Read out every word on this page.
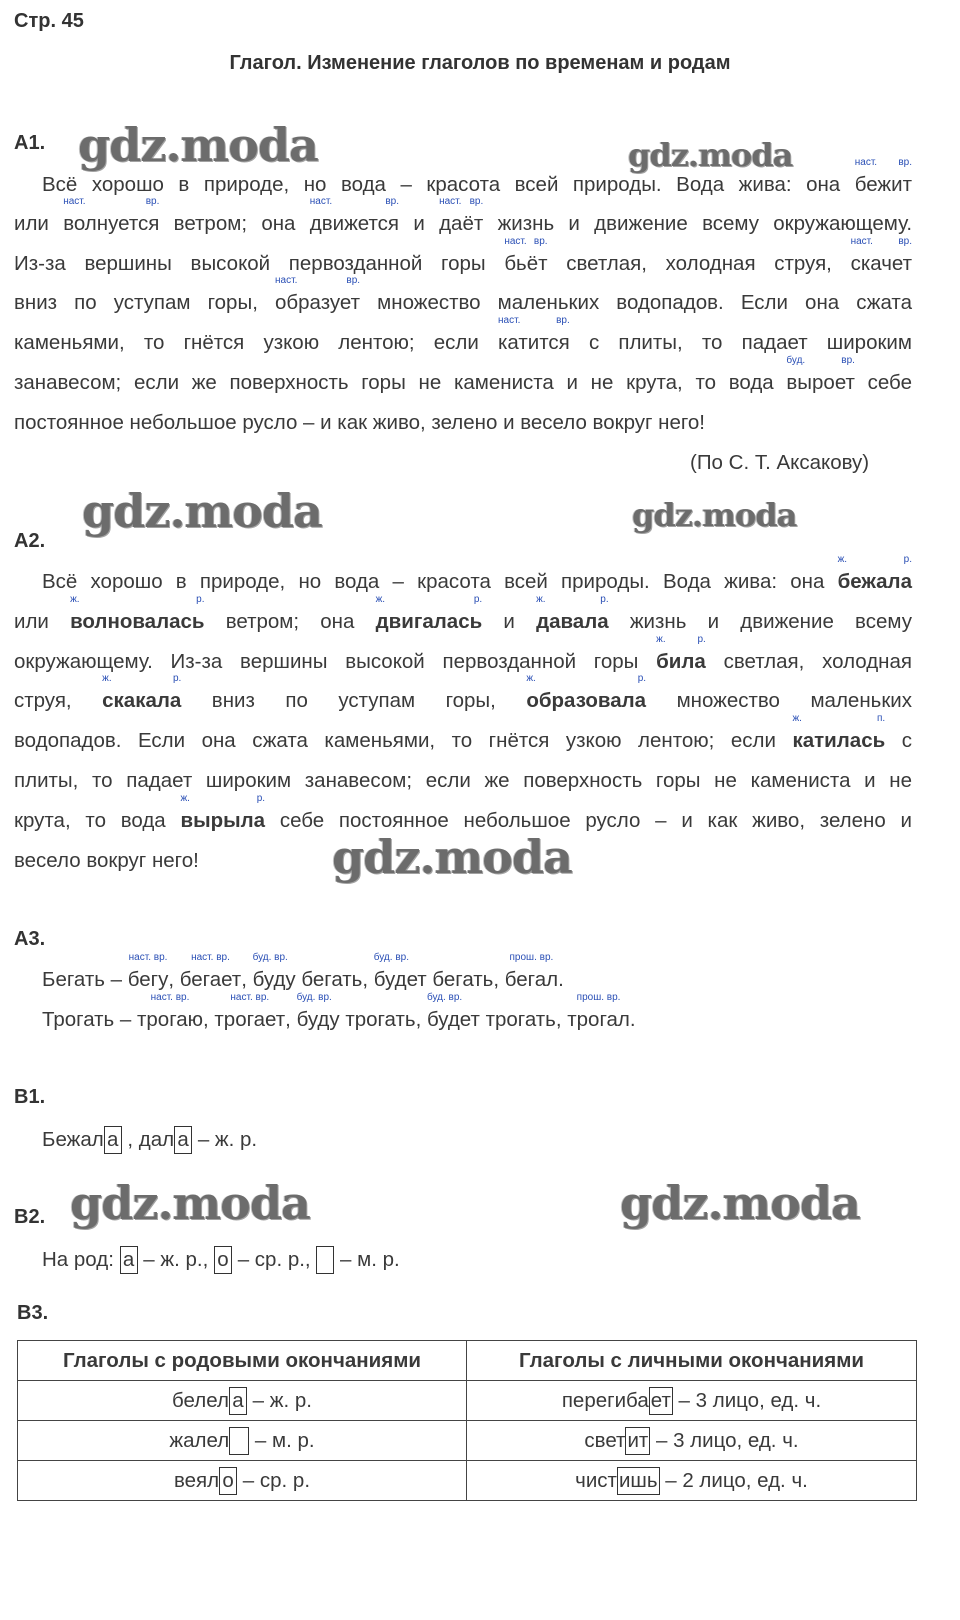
Стр. 45
Глагол. Изменение глаголов по временам и родам
gdz.moda	gdz.moda
gdz.moda	gdz.moda
gdz.moda
gdz.moda	gdz.moda
А1.
Всё хорошо в природе, но вода – красота всей природы. Вода жива: она
наст. вр.
бежит
или
наст. вр.
волнуется ветром; она
наст. вр.
движется и
наст. вр.
даёт жизнь и движение всему окружающему.
Из-за вершины высокой первозданной горы
наст. вр.
бьёт светлая, холодная струя,
наст. вр.
скачет
вниз по уступам горы,
наст. вр.
образует множество маленьких водопадов. Если она сжата
каменьями, то гнётся узкою лентою; если
наст. вр.
катится с плиты, то падает широким
занавесом; если же поверхность горы не камениста и не крута, то вода
буд. вр.
выроет себе
постоянное небольшое русло – и как живо, зелено и весело вокруг него!
(По С. Т. Аксакову)
А2.
Всё хорошо в природе, но вода – красота всей природы. Вода жива: она
ж. р.
бежала
или
ж. р.
волновалась ветром; она
ж. р.
двигалась и
ж. р.
давала жизнь и движение всему
окружающему. Из-за вершины высокой первозданной горы
ж. р.
била светлая, холодная
струя,
ж. р.
скакала вниз по уступам горы,
ж. р.
образовала множество маленьких
водопадов. Если она сжата каменьями, то гнётся узкою лентою; если
ж. п.
катилась с
плиты, то падает широким занавесом; если же поверхность горы не камениста и не
крута, то вода
ж. р.
вырыла себе постоянное небольшое русло – и как живо, зелено и
весело вокруг него!
А3.
Бегать –
наст. вр.
бегу,
наст. вр.
бегает,
буд. вр.
буду бегать,
буд. вр.
будет бегать,
прош. вр.
бегал.
Трогать –
наст. вр.
трогаю,
наст. вр.
трогает,
буд. вр.
буду трогать,
буд. вр.
будет трогать,
прош. вр.
трогал.
В1.
Бежал а , дал а – ж. р.
В2.
На род: а – ж. р., о – ср. р.,   – м. р.
В3.
Глаголы с родовыми окончаниями	Глаголы с личными окончаниями
белел а – ж. р.	перегибает – 3 лицо, ед. ч.
жалел  – м. р.	светит – 3 лицо, ед. ч.
веял о – ср. р.	чистишь – 2 лицо, ед. ч.
